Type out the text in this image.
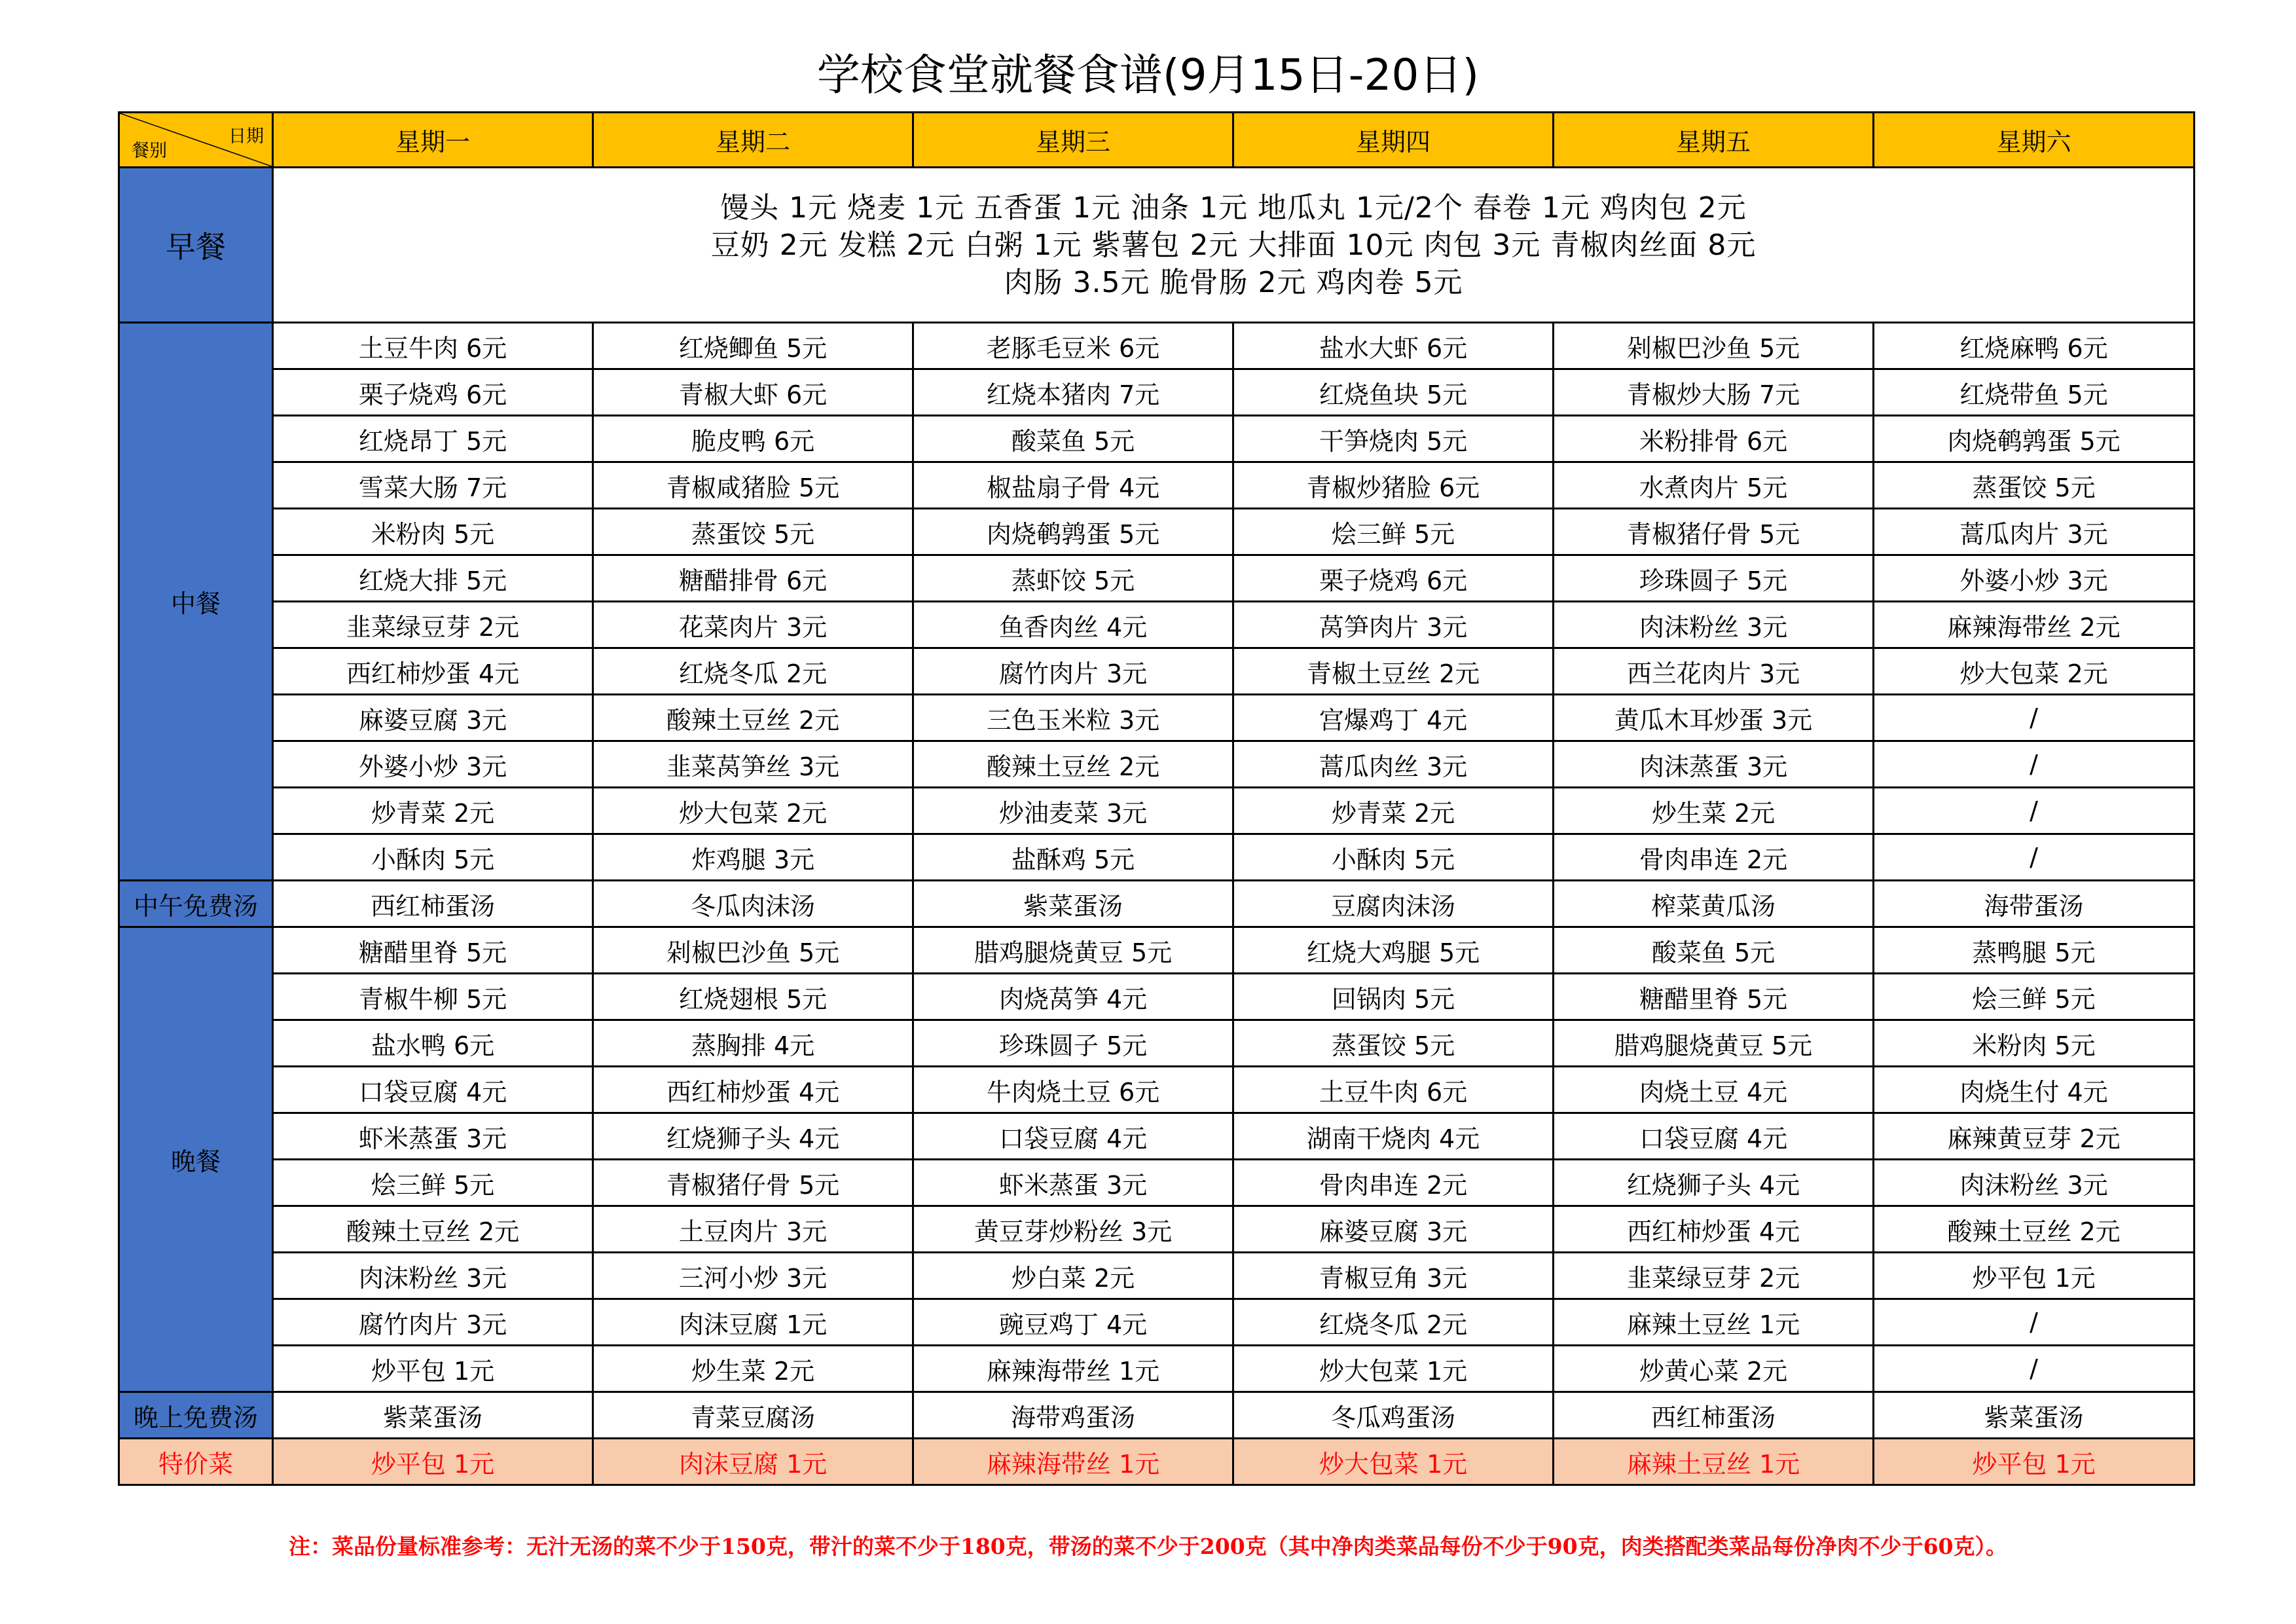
学校食堂就餐食谱(9月15日-20日)
餐别
日期	星期一	星期二	星期三	星期四	星期五	星期六
早餐	馒头 1元 烧麦 1元 五香蛋 1元 油条 1元 地瓜丸 1元/2个 春卷 1元 鸡肉包 2元
豆奶 2元 发糕 2元 白粥 1元 紫薯包 2元 大排面 10元 肉包 3元 青椒肉丝面 8元
肉肠 3.5元 脆骨肠 2元 鸡肉卷 5元					

中餐	土豆牛肉 6元	红烧鲫鱼 5元	老豚毛豆米 6元	盐水大虾 6元	剁椒巴沙鱼 5元	红烧麻鸭 6元
	栗子烧鸡 6元	青椒大虾 6元	红烧本猪肉 7元	红烧鱼块 5元	青椒炒大肠 7元	红烧带鱼 5元
	红烧昂丁 5元	脆皮鸭 6元	酸菜鱼 5元	干笋烧肉 5元	米粉排骨 6元	肉烧鹌鹑蛋 5元
	雪菜大肠 7元	青椒咸猪脸 5元	椒盐扇子骨 4元	青椒炒猪脸 6元	水煮肉片 5元	蒸蛋饺 5元
	米粉肉 5元	蒸蛋饺 5元	肉烧鹌鹑蛋 5元	烩三鲜 5元	青椒猪仔骨 5元	蒿瓜肉片 3元
	红烧大排 5元	糖醋排骨 6元	蒸虾饺 5元	栗子烧鸡 6元	珍珠圆子 5元	外婆小炒 3元
	韭菜绿豆芽 2元	花菜肉片 3元	鱼香肉丝 4元	莴笋肉片 3元	肉沫粉丝 3元	麻辣海带丝 2元
	西红柿炒蛋 4元	红烧冬瓜 2元	腐竹肉片 3元	青椒土豆丝 2元	西兰花肉片 3元	炒大包菜 2元
	麻婆豆腐 3元	酸辣土豆丝 2元	三色玉米粒 3元	宫爆鸡丁 4元	黄瓜木耳炒蛋 3元	/
	外婆小炒 3元	韭菜莴笋丝 3元	酸辣土豆丝 2元	蒿瓜肉丝 3元	肉沫蒸蛋 3元	/
	炒青菜 2元	炒大包菜 2元	炒油麦菜 3元	炒青菜 2元	炒生菜 2元	/
	小酥肉 5元	炸鸡腿 3元	盐酥鸡 5元	小酥肉 5元	骨肉串连 2元	/
中午免费汤	西红柿蛋汤	冬瓜肉沫汤	紫菜蛋汤	豆腐肉沫汤	榨菜黄瓜汤	海带蛋汤
晚餐	糖醋里脊 5元	剁椒巴沙鱼 5元	腊鸡腿烧黄豆 5元	红烧大鸡腿 5元	酸菜鱼 5元	蒸鸭腿 5元
	青椒牛柳 5元	红烧翅根 5元	肉烧莴笋 4元	回锅肉 5元	糖醋里脊 5元	烩三鲜 5元
	盐水鸭 6元	蒸胸排 4元	珍珠圆子 5元	蒸蛋饺 5元	腊鸡腿烧黄豆 5元	米粉肉 5元
	口袋豆腐 4元	西红柿炒蛋 4元	牛肉烧土豆 6元	土豆牛肉 6元	肉烧土豆 4元	肉烧生付 4元
	虾米蒸蛋 3元	红烧狮子头 4元	口袋豆腐 4元	湖南干烧肉 4元	口袋豆腐 4元	麻辣黄豆芽 2元
	烩三鲜 5元	青椒猪仔骨 5元	虾米蒸蛋 3元	骨肉串连 2元	红烧狮子头 4元	肉沫粉丝 3元
	酸辣土豆丝 2元	土豆肉片 3元	黄豆芽炒粉丝 3元	麻婆豆腐 3元	西红柿炒蛋 4元	酸辣土豆丝 2元
	肉沫粉丝 3元	三河小炒 3元	炒白菜 2元	青椒豆角 3元	韭菜绿豆芽 2元	炒平包 1元
	腐竹肉片 3元	肉沫豆腐 1元	豌豆鸡丁 4元	红烧冬瓜 2元	麻辣土豆丝 1元	/
	炒平包 1元	炒生菜 2元	麻辣海带丝 1元	炒大包菜 1元	炒黄心菜 2元	/
晚上免费汤	紫菜蛋汤	青菜豆腐汤	海带鸡蛋汤	冬瓜鸡蛋汤	西红柿蛋汤	紫菜蛋汤
特价菜	炒平包 1元	肉沫豆腐 1元	麻辣海带丝 1元	炒大包菜 1元	麻辣土豆丝 1元	炒平包 1元
注：菜品份量标准参考：无汁无汤的菜不少于150克，带汁的菜不少于180克，带汤的菜不少于200克（其中净肉类菜品每份不少于90克，肉类搭配类菜品每份净肉不少于60克）。
